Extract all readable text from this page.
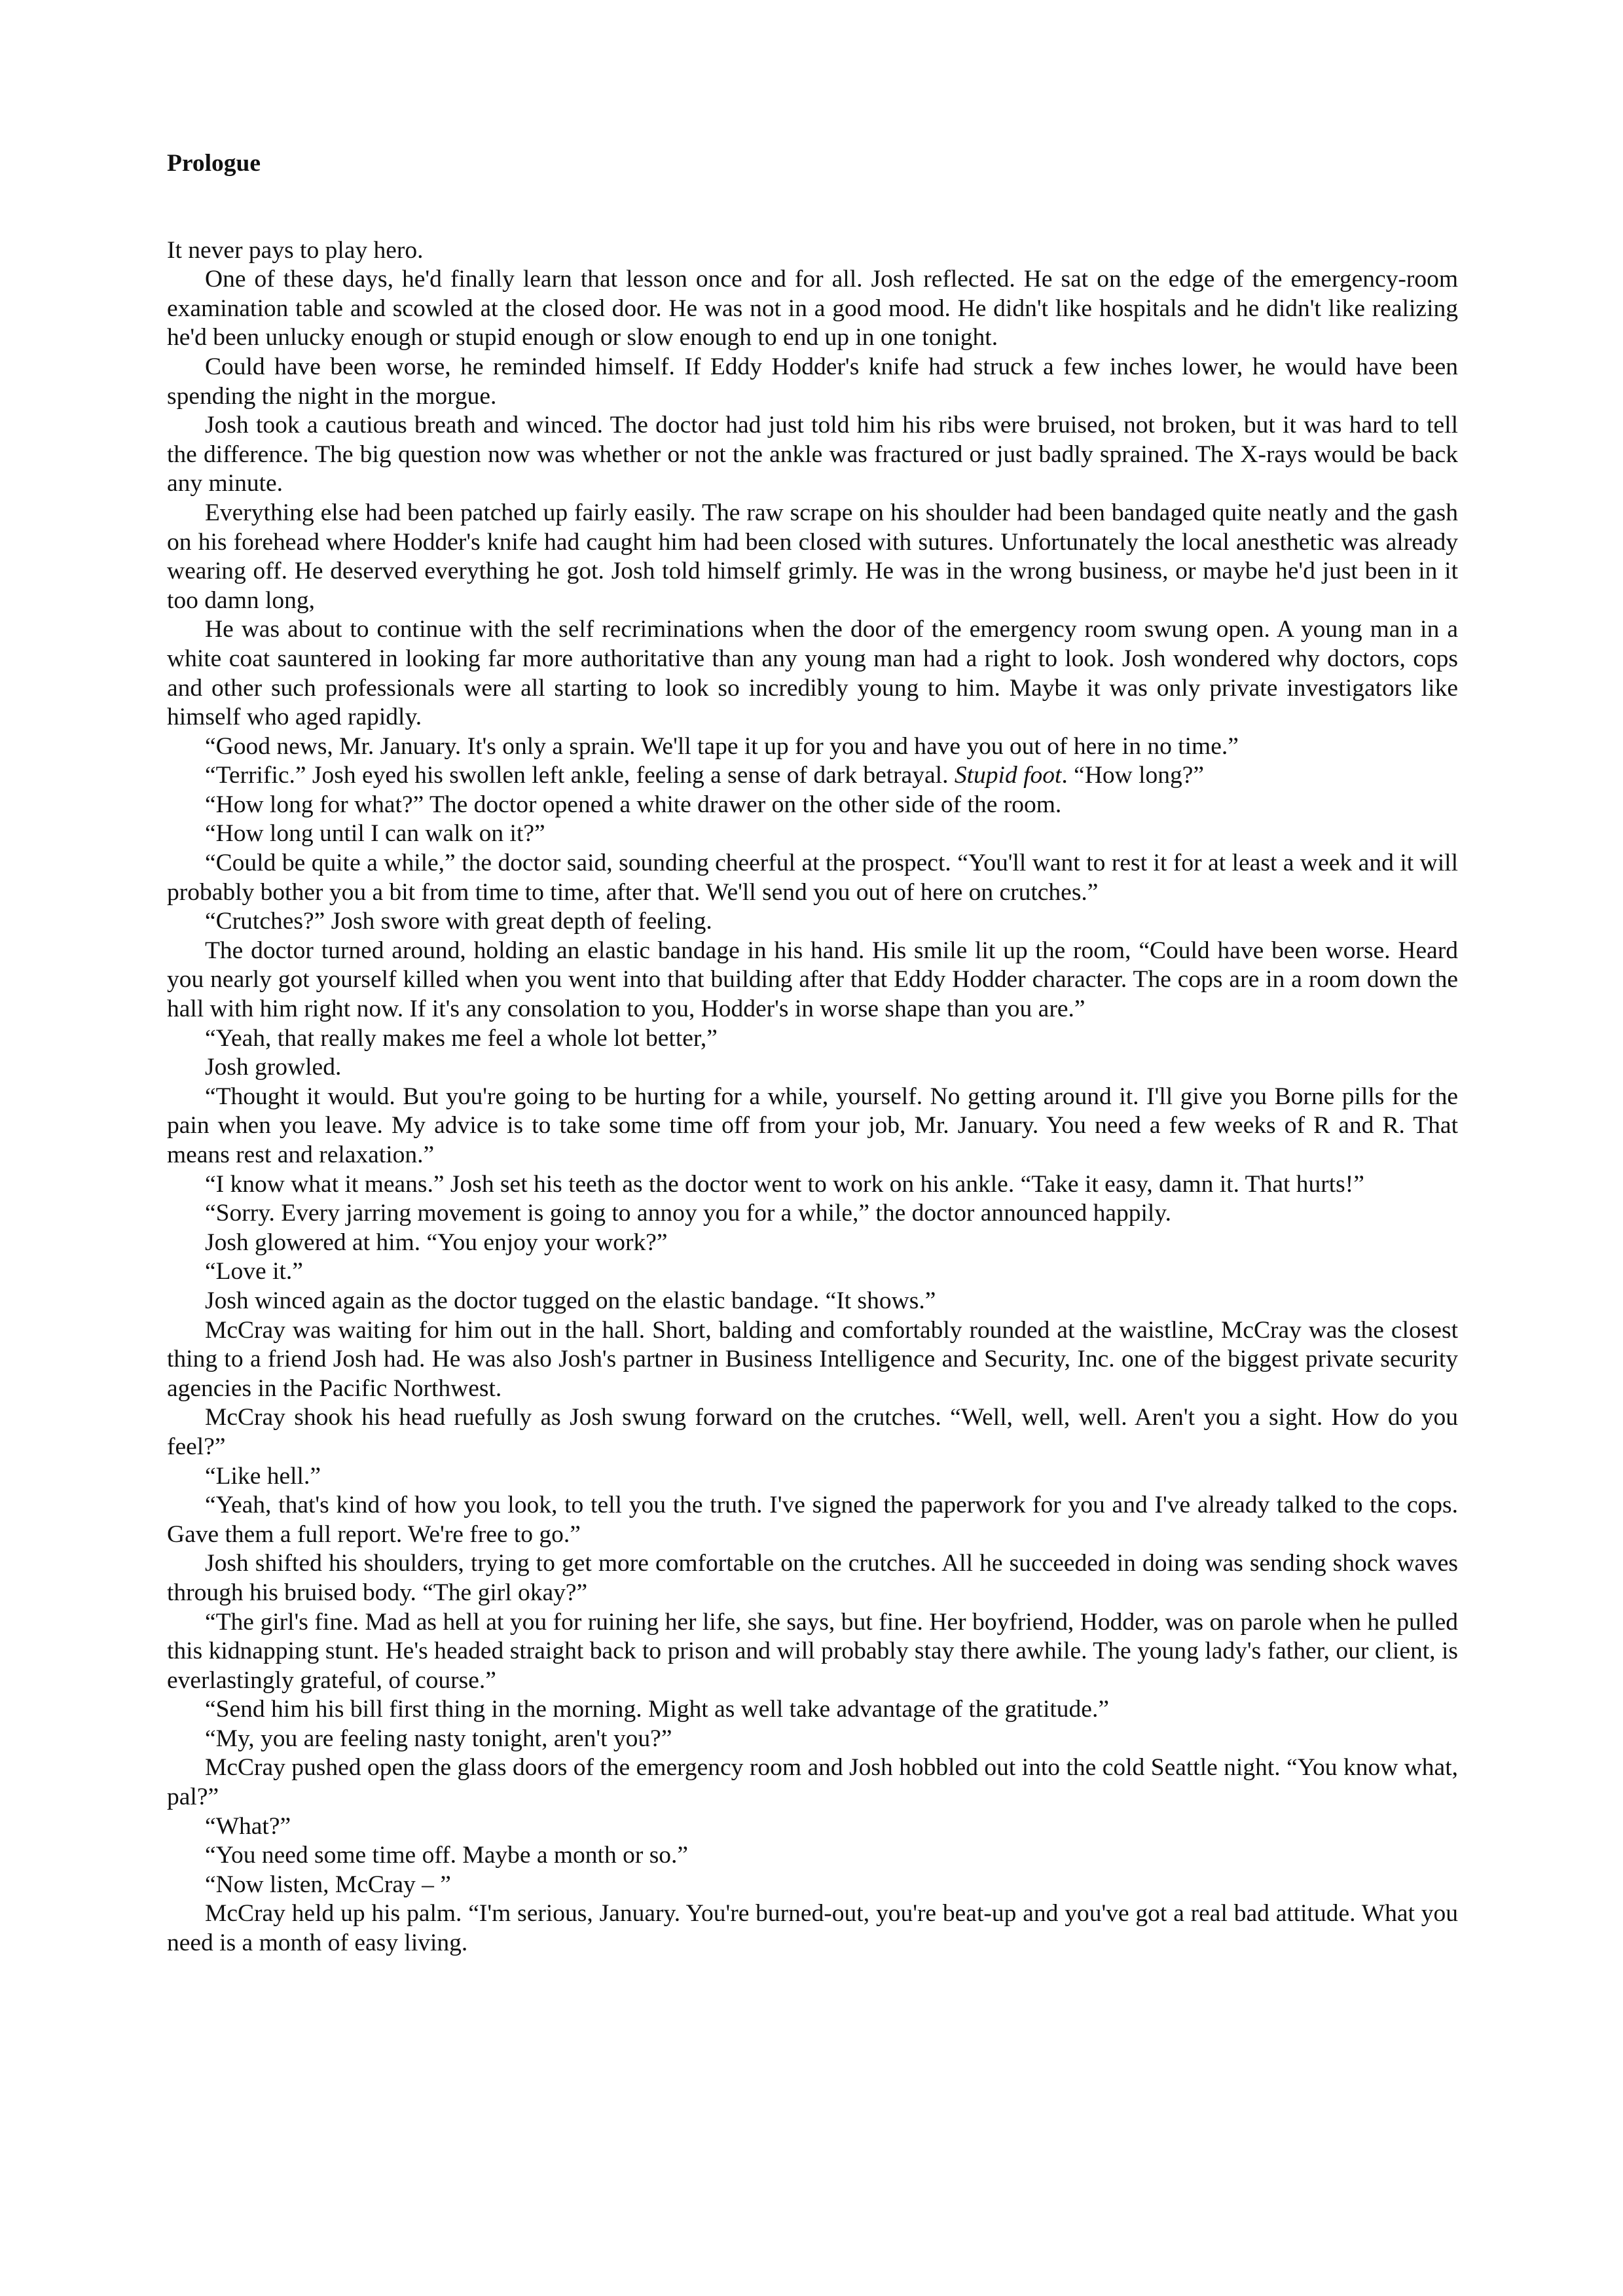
Prologue

It never pays to play hero.

One of these days, he'd finally learn that lesson once and for all. Josh reflected. He sat on the edge of the emergency-room examination table and scowled at the closed door. He was not in a good mood. He didn't like hospitals and he didn't like realizing he'd been unlucky enough or stupid enough or slow enough to end up in one tonight.

Could have been worse, he reminded himself. If Eddy Hodder's knife had struck a few inches lower, he would have been spending the night in the morgue.

Josh took a cautious breath and winced. The doctor had just told him his ribs were bruised, not broken, but it was hard to tell the difference. The big question now was whether or not the ankle was fractured or just badly sprained. The X-rays would be back any minute.

Everything else had been patched up fairly easily. The raw scrape on his shoulder had been bandaged quite neatly and the gash on his forehead where Hodder's knife had caught him had been closed with sutures. Unfortunately the local anesthetic was already wearing off. He deserved everything he got. Josh told himself grimly. He was in the wrong business, or maybe he'd just been in it too damn long,

He was about to continue with the self recriminations when the door of the emergency room swung open. A young man in a white coat sauntered in looking far more authoritative than any young man had a right to look. Josh wondered why doctors, cops and other such professionals were all starting to look so incredibly young to him. Maybe it was only private investigators like himself who aged rapidly.

“Good news, Mr. January. It's only a sprain. We'll tape it up for you and have you out of here in no time.”

“Terrific.” Josh eyed his swollen left ankle, feeling a sense of dark betrayal. Stupid foot. “How long?”

“How long for what?” The doctor opened a white drawer on the other side of the room.

“How long until I can walk on it?”

“Could be quite a while,” the doctor said, sounding cheerful at the prospect. “You'll want to rest it for at least a week and it will probably bother you a bit from time to time, after that. We'll send you out of here on crutches.”

“Crutches?” Josh swore with great depth of feeling.

The doctor turned around, holding an elastic bandage in his hand. His smile lit up the room, “Could have been worse. Heard you nearly got yourself killed when you went into that building after that Eddy Hodder character. The cops are in a room down the hall with him right now. If it's any consolation to you, Hodder's in worse shape than you are.”

“Yeah, that really makes me feel a whole lot better,”

Josh growled.

“Thought it would. But you're going to be hurting for a while, yourself. No getting around it. I'll give you Borne pills for the pain when you leave. My advice is to take some time off from your job, Mr. January. You need a few weeks of R and R. That means rest and relaxation.”

“I know what it means.” Josh set his teeth as the doctor went to work on his ankle. “Take it easy, damn it. That hurts!”

“Sorry. Every jarring movement is going to annoy you for a while,” the doctor announced happily.

Josh glowered at him. “You enjoy your work?”

“Love it.”

Josh winced again as the doctor tugged on the elastic bandage. “It shows.”

McCray was waiting for him out in the hall. Short, balding and comfortably rounded at the waistline, McCray was the closest thing to a friend Josh had. He was also Josh's partner in Business Intelligence and Security, Inc. one of the biggest private security agencies in the Pacific Northwest.

McCray shook his head ruefully as Josh swung forward on the crutches. “Well, well, well. Aren't you a sight. How do you feel?”

“Like hell.”

“Yeah, that's kind of how you look, to tell you the truth. I've signed the paperwork for you and I've already talked to the cops. Gave them a full report. We're free to go.”

Josh shifted his shoulders, trying to get more comfortable on the crutches. All he succeeded in doing was sending shock waves through his bruised body. “The girl okay?”

“The girl's fine. Mad as hell at you for ruining her life, she says, but fine. Her boyfriend, Hodder, was on parole when he pulled this kidnapping stunt. He's headed straight back to prison and will probably stay there awhile. The young lady's father, our client, is everlastingly grateful, of course.”

“Send him his bill first thing in the morning. Might as well take advantage of the gratitude.”

“My, you are feeling nasty tonight, aren't you?”

McCray pushed open the glass doors of the emergency room and Josh hobbled out into the cold Seattle night. “You know what, pal?”

“What?”

“You need some time off. Maybe a month or so.”

“Now listen, McCray – ”

McCray held up his palm. “I'm serious, January. You're burned-out, you're beat-up and you've got a real bad attitude. What you need is a month of easy living.
